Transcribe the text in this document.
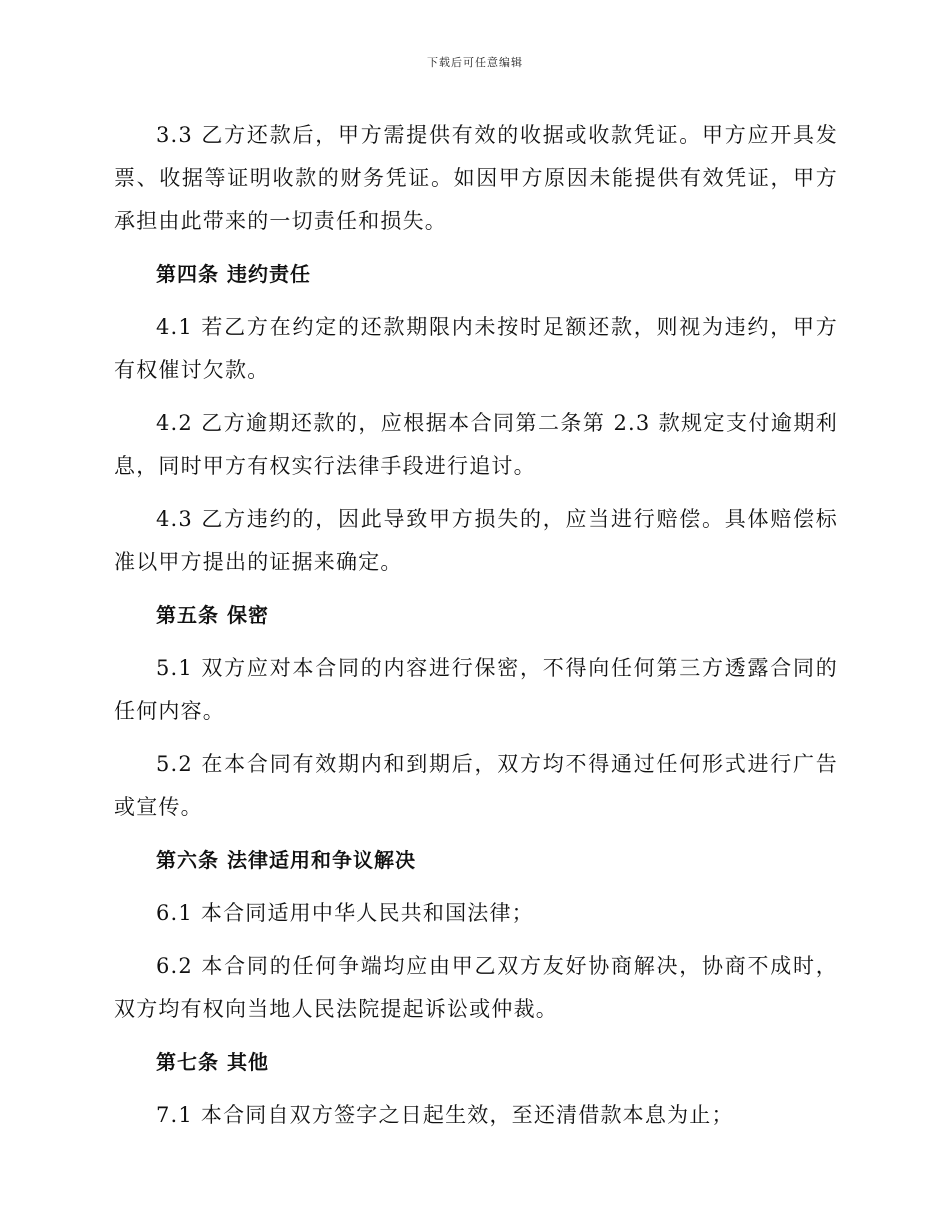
下载后可任意编辑

3.3 乙方还款后，甲方需提供有效的收据或收款凭证。甲方应开具发票、收据等证明收款的财务凭证。如因甲方原因未能提供有效凭证，甲方承担由此带来的一切责任和损失。

第四条 违约责任

4.1 若乙方在约定的还款期限内未按时足额还款，则视为违约，甲方有权催讨欠款。

4.2 乙方逾期还款的，应根据本合同第二条第 2.3 款规定支付逾期利息，同时甲方有权实行法律手段进行追讨。

4.3 乙方违约的，因此导致甲方损失的，应当进行赔偿。具体赔偿标准以甲方提出的证据来确定。

第五条 保密

5.1 双方应对本合同的内容进行保密，不得向任何第三方透露合同的任何内容。

5.2 在本合同有效期内和到期后，双方均不得通过任何形式进行广告或宣传。

第六条 法律适用和争议解决

6.1 本合同适用中华人民共和国法律；

6.2 本合同的任何争端均应由甲乙双方友好协商解决，协商不成时，双方均有权向当地人民法院提起诉讼或仲裁。

第七条 其他

7.1 本合同自双方签字之日起生效，至还清借款本息为止；
